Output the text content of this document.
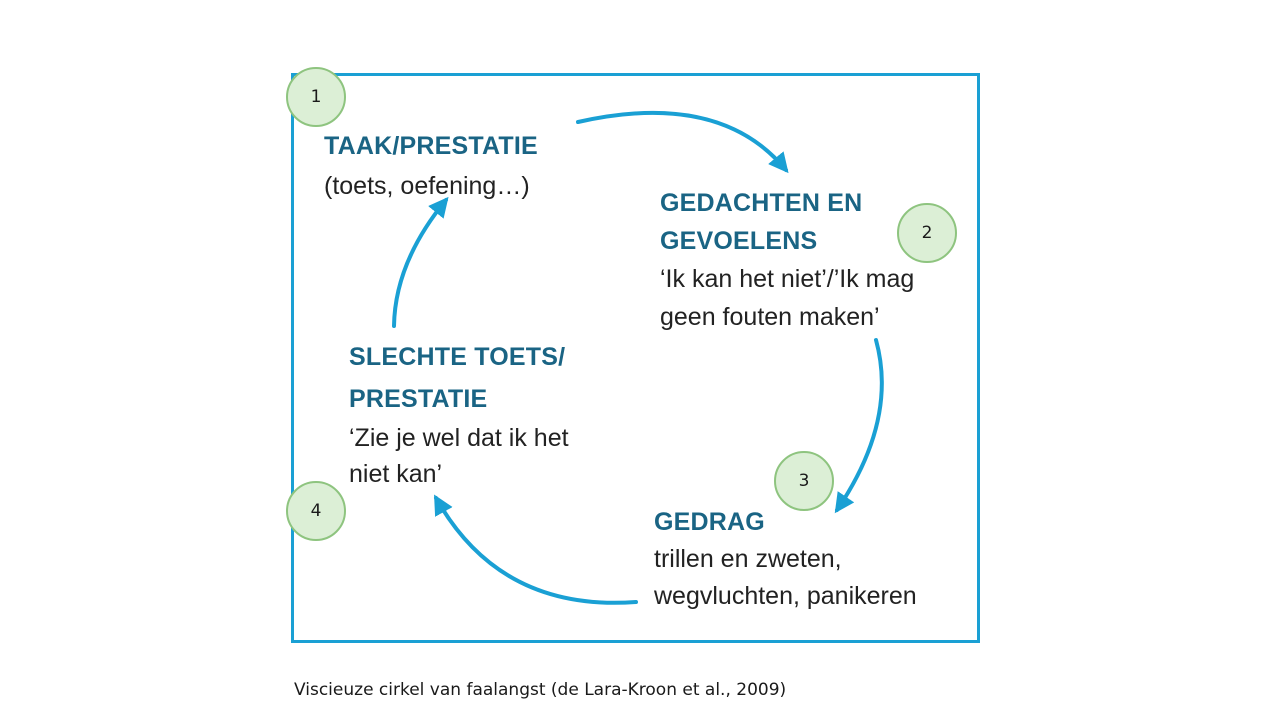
1
2
3
4
TAAK/PRESTATIE
(toets, oefening…)
GEDACHTEN EN
GEVOELENS
‘Ik kan het niet’/’Ik mag
geen fouten maken’
GEDRAG
trillen en zweten,
wegvluchten, panikeren
SLECHTE TOETS/
PRESTATIE
‘Zie je wel dat ik het
niet kan’
Viscieuze cirkel van faalangst (de Lara-Kroon et al., 2009)
